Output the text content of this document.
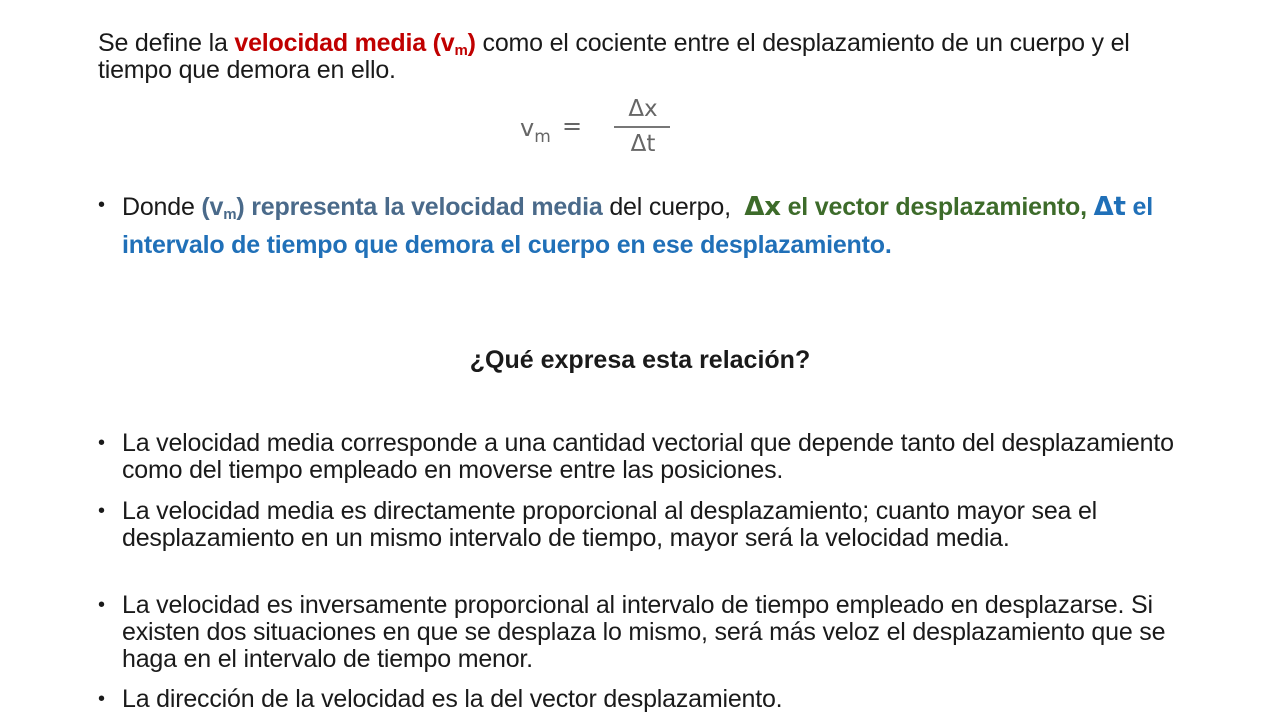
Se define la velocidad media $(v_m)$ como el cociente entre el desplazamiento de un cuerpo y el tiempo que demora en ello.
$v_m$ =
Δx
Δt
• Donde $(v_m)$ representa la velocidad media del cuerpo,  Δx el vector desplazamiento, Δt el intervalo de tiempo que demora el cuerpo en ese desplazamiento.
¿Qué expresa esta relación?
• La velocidad media corresponde a una cantidad vectorial que depende tanto del desplazamiento como del tiempo empleado en moverse entre las posiciones.
• La velocidad media es directamente proporcional al desplazamiento; cuanto mayor sea el desplazamiento en un mismo intervalo de tiempo, mayor será la velocidad media.
• La velocidad es inversamente proporcional al intervalo de tiempo empleado en desplazarse. Si existen dos situaciones en que se desplaza lo mismo, será más veloz el desplazamiento que se haga en el intervalo de tiempo menor.
• La dirección de la velocidad es la del vector desplazamiento.
